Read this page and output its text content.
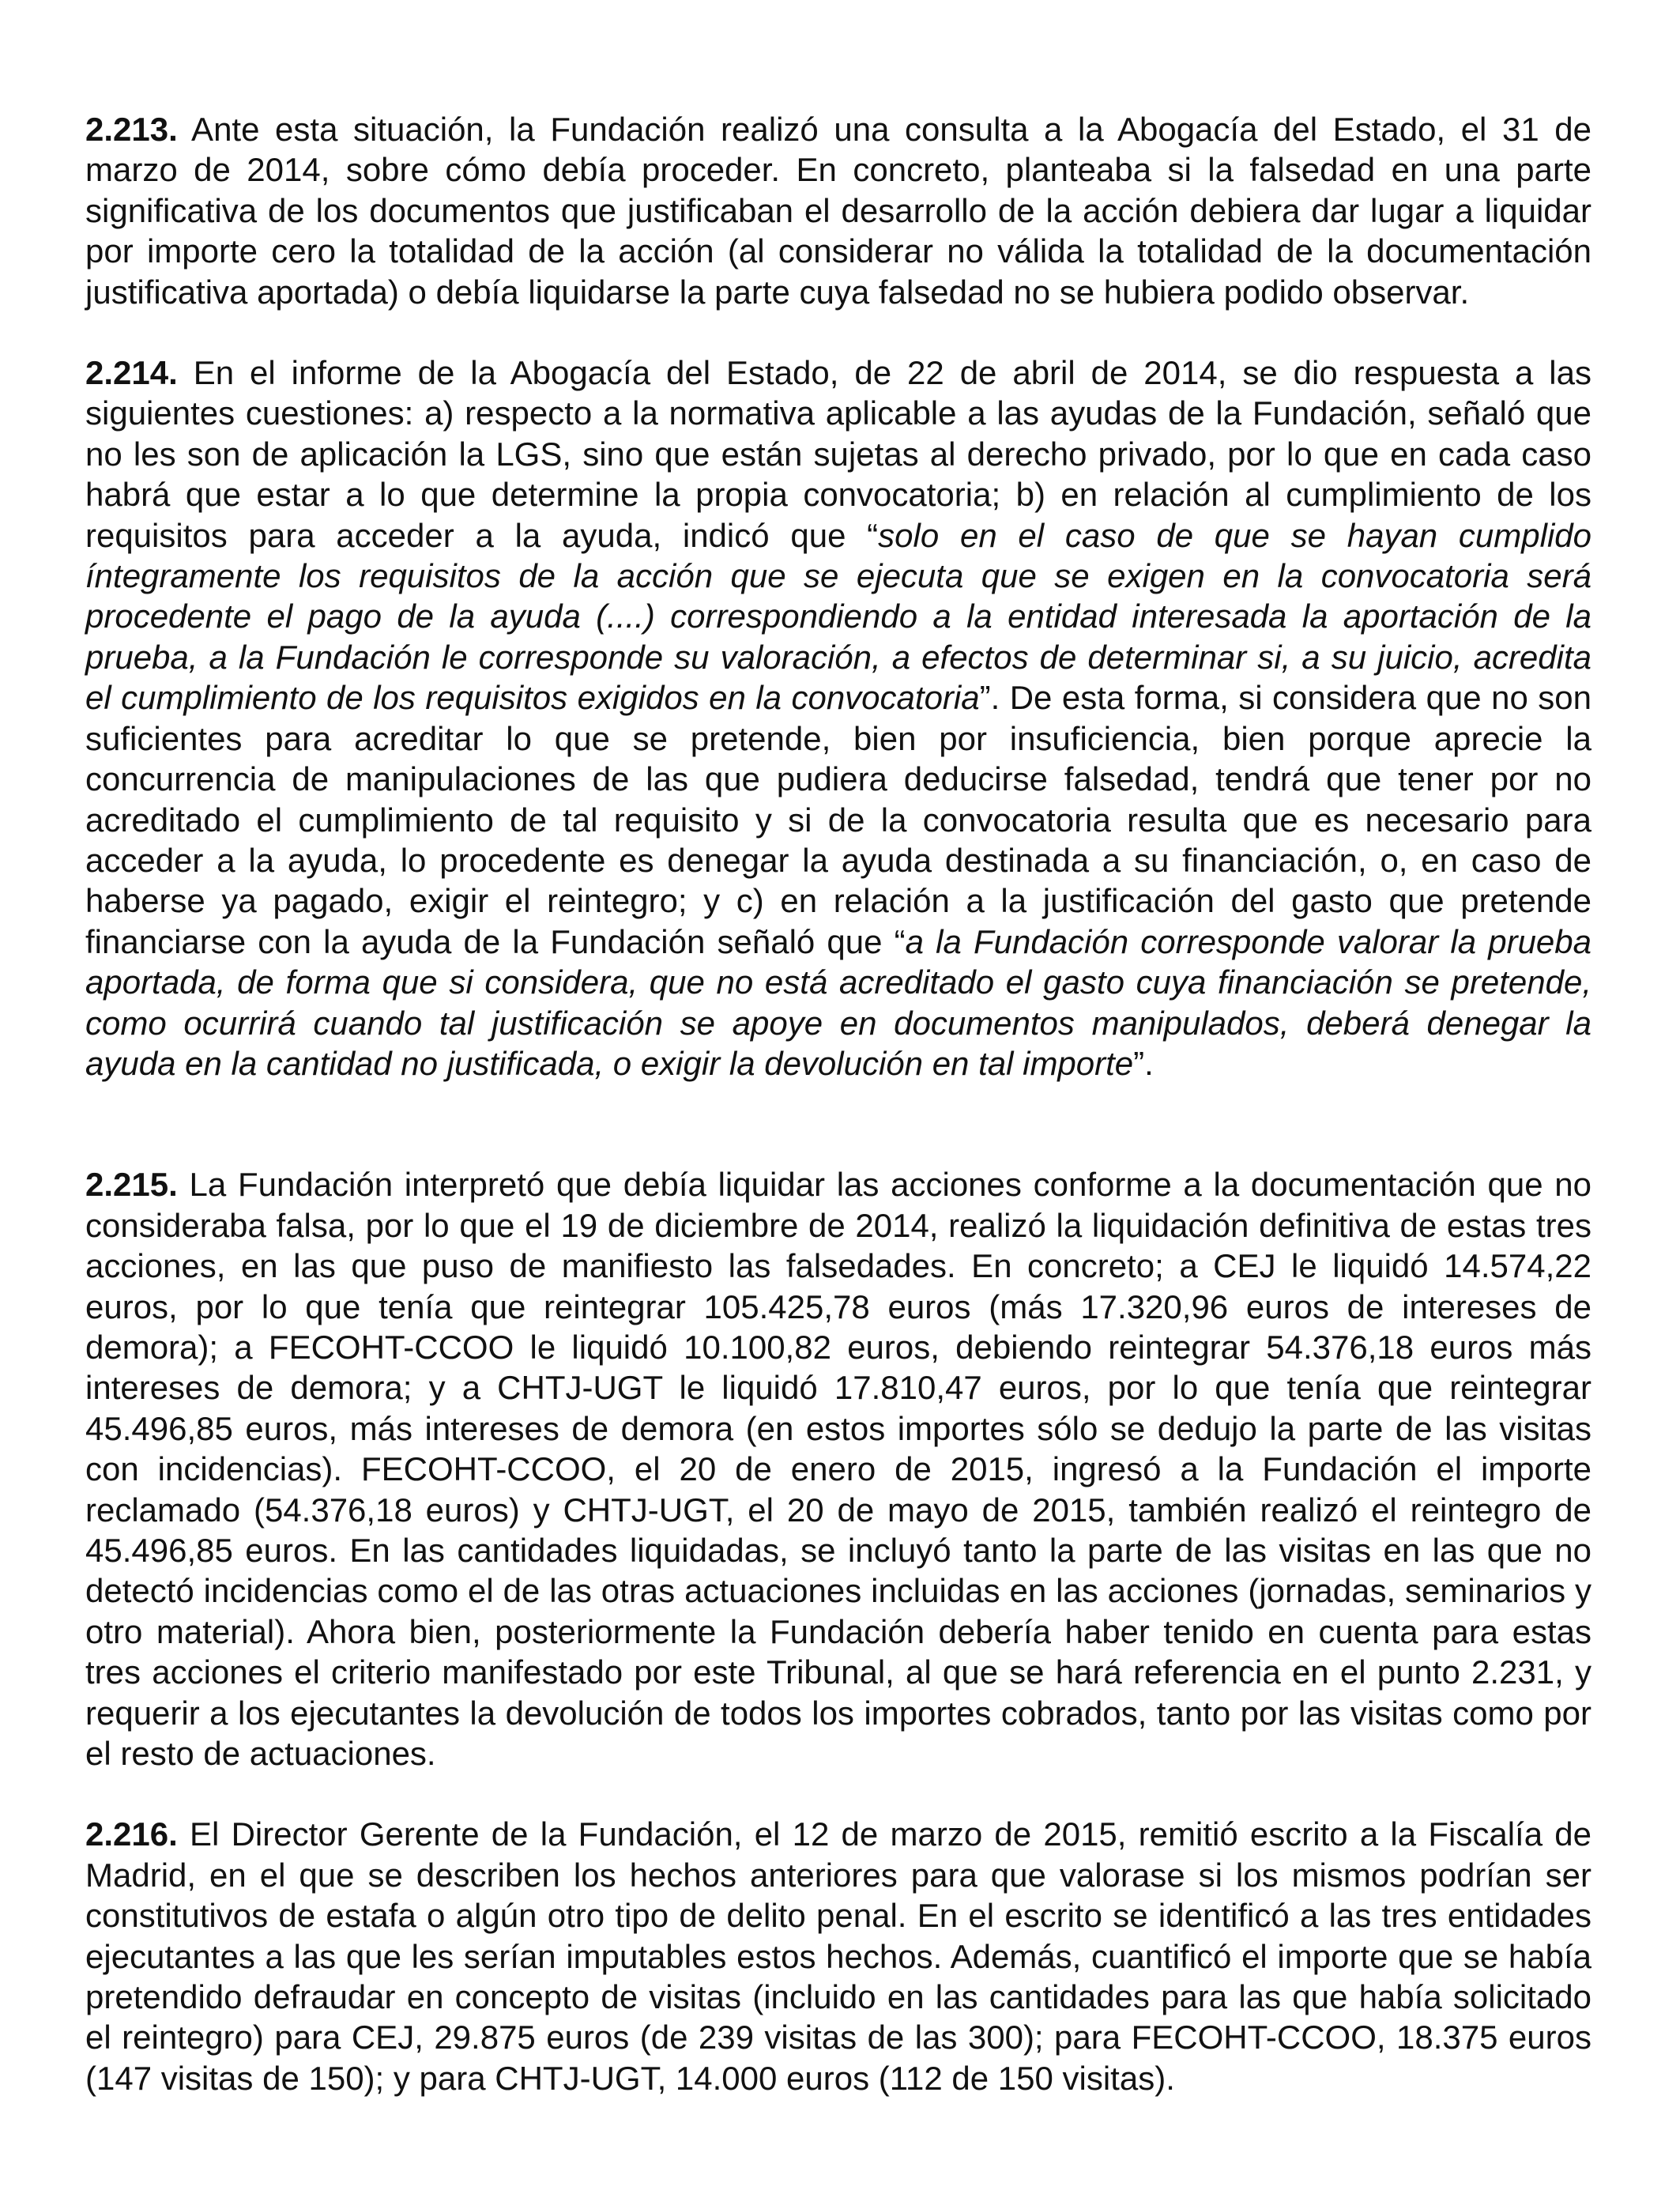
2.213. Ante esta situación, la Fundación realizó una consulta a la Abogacía del Estado, el 31 de marzo de 2014, sobre cómo debía proceder. En concreto, planteaba si la falsedad en una parte significativa de los documentos que justificaban el desarrollo de la acción debiera dar lugar a liquidar por importe cero la totalidad de la acción (al considerar no válida la totalidad de la documentación justificativa aportada) o debía liquidarse la parte cuya falsedad no se hubiera podido observar.

2.214. En el informe de la Abogacía del Estado, de 22 de abril de 2014, se dio respuesta a las siguientes cuestiones: a) respecto a la normativa aplicable a las ayudas de la Fundación, señaló que no les son de aplicación la LGS, sino que están sujetas al derecho privado, por lo que en cada caso habrá que estar a lo que determine la propia convocatoria; b) en relación al cumplimiento de los requisitos para acceder a la ayuda, indicó que “solo en el caso de que se hayan cumplido íntegramente los requisitos de la acción que se ejecuta que se exigen en la convocatoria será procedente el pago de la ayuda (....) correspondiendo a la entidad interesada la aportación de la prueba, a la Fundación le corresponde su valoración, a efectos de determinar si, a su juicio, acredita el cumplimiento de los requisitos exigidos en la convocatoria”. De esta forma, si considera que no son suficientes para acreditar lo que se pretende, bien por insuficiencia, bien porque aprecie la concurrencia de manipulaciones de las que pudiera deducirse falsedad, tendrá que tener por no acreditado el cumplimiento de tal requisito y si de la convocatoria resulta que es necesario para acceder a la ayuda, lo procedente es denegar la ayuda destinada a su financiación, o, en caso de haberse ya pagado, exigir el reintegro; y c) en relación a la justificación del gasto que pretende financiarse con la ayuda de la Fundación señaló que “a la Fundación corresponde valorar la prueba aportada, de forma que si considera, que no está acreditado el gasto cuya financiación se pretende, como ocurrirá cuando tal justificación se apoye en documentos manipulados, deberá denegar la ayuda en la cantidad no justificada, o exigir la devolución en tal importe”.

2.215. La Fundación interpretó que debía liquidar las acciones conforme a la documentación que no consideraba falsa, por lo que el 19 de diciembre de 2014, realizó la liquidación definitiva de estas tres acciones, en las que puso de manifiesto las falsedades. En concreto; a CEJ le liquidó 14.574,22 euros, por lo que tenía que reintegrar 105.425,78 euros (más 17.320,96 euros de intereses de demora); a FECOHT-CCOO le liquidó 10.100,82 euros, debiendo reintegrar 54.376,18 euros más intereses de demora; y a CHTJ-UGT le liquidó 17.810,47 euros, por lo que tenía que reintegrar 45.496,85 euros, más intereses de demora (en estos importes sólo se dedujo la parte de las visitas con incidencias). FECOHT-CCOO, el 20 de enero de 2015, ingresó a la Fundación el importe reclamado (54.376,18 euros) y CHTJ-UGT, el 20 de mayo de 2015, también realizó el reintegro de 45.496,85 euros. En las cantidades liquidadas, se incluyó tanto la parte de las visitas en las que no detectó incidencias como el de las otras actuaciones incluidas en las acciones (jornadas, seminarios y otro material). Ahora bien, posteriormente la Fundación debería haber tenido en cuenta para estas tres acciones el criterio manifestado por este Tribunal, al que se hará referencia en el punto 2.231, y requerir a los ejecutantes la devolución de todos los importes cobrados, tanto por las visitas como por el resto de actuaciones.

2.216. El Director Gerente de la Fundación, el 12 de marzo de 2015, remitió escrito a la Fiscalía de Madrid, en el que se describen los hechos anteriores para que valorase si los mismos podrían ser constitutivos de estafa o algún otro tipo de delito penal. En el escrito se identificó a las tres entidades ejecutantes a las que les serían imputables estos hechos. Además, cuantificó el importe que se había pretendido defraudar en concepto de visitas (incluido en las cantidades para las que había solicitado el reintegro) para CEJ, 29.875 euros (de 239 visitas de las 300); para FECOHT-CCOO, 18.375 euros (147 visitas de 150); y para CHTJ-UGT, 14.000 euros (112 de 150 visitas).
